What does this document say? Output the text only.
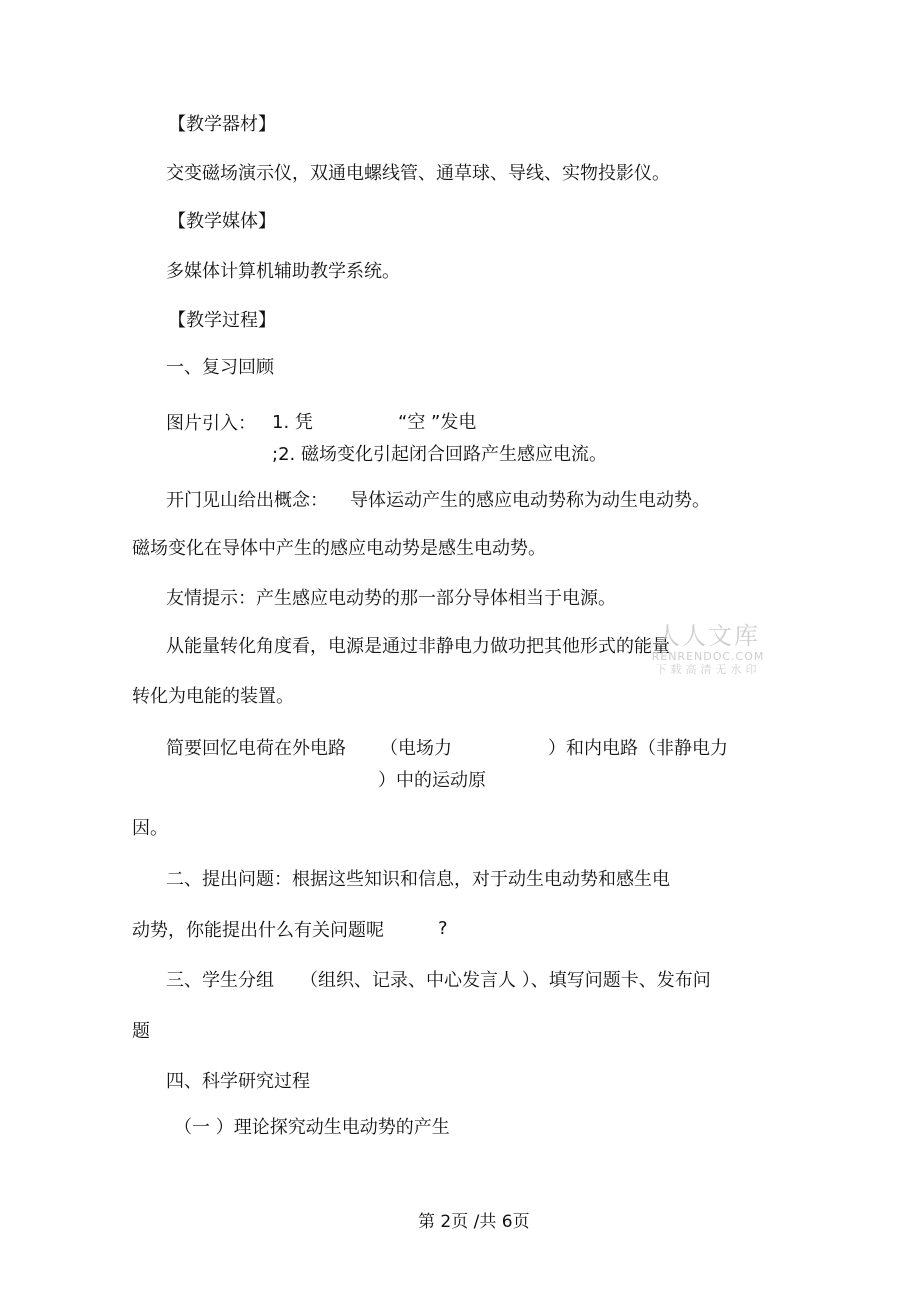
【教学器材】
交变磁场演示仪，双通电螺线管、通草球、导线、实物投影仪。
【教学媒体】
多媒体计算机辅助教学系统。
【教学过程】
一、复习回顾
图片引入： 1. 凭	“空 ”发电
;2. 磁场变化引起闭合回路产生感应电流。
开门见山给出概念： 导体运动产生的感应电动势称为动生电动势。
磁场变化在导体中产生的感应电动势是感生电动势。
友情提示：产生感应电动势的那一部分导体相当于电源。
从能量转化角度看，电源是通过非静电力做功把其他形式的能量
转化为电能的装置。
简要回忆电荷在外电路 （电场力	）和内电路（非静电力
）中的运动原
因。
二、提出问题：根据这些知识和信息，对于动生电动势和感生电
动势，你能提出什么有关问题呢	?
三、学生分组 （组织、记录、中心发言人 ）、填写问题卡、发布问
题
四、科学研究过程
（一 ）理论探究动生电动势的产生
第 2页 /共 6页
人人文库
RENRENDOC.COM
下载高清无水印
